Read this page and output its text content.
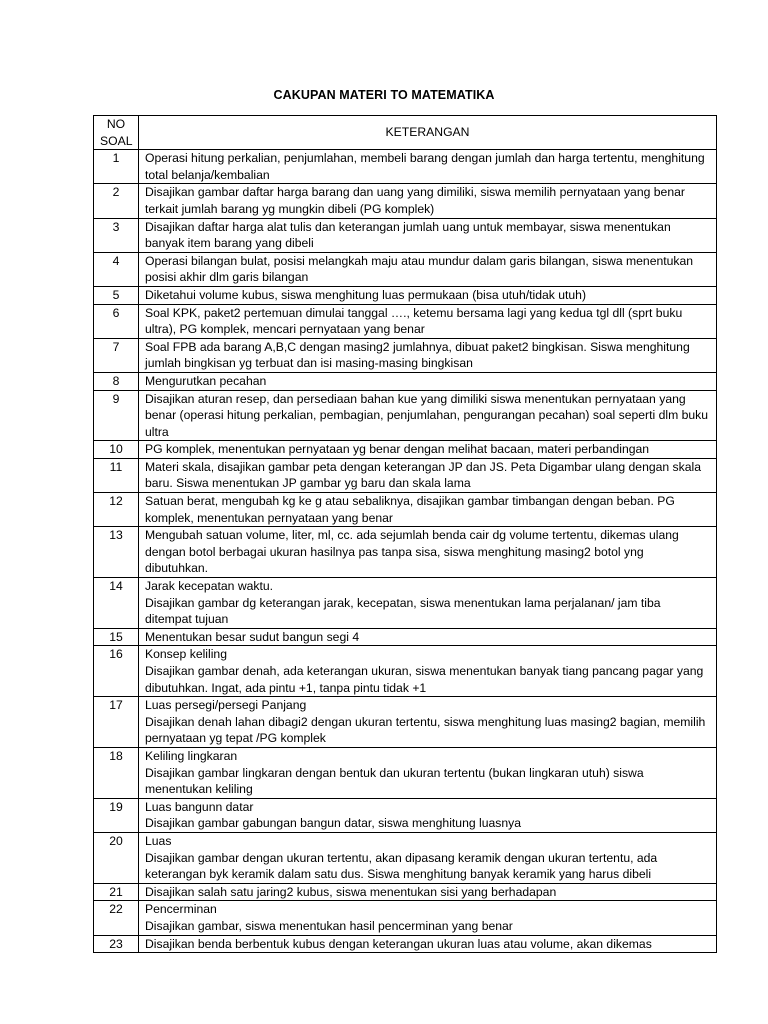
CAKUPAN MATERI TO MATEMATIKA
NO
SOAL	KETERANGAN
1	Operasi hitung perkalian, penjumlahan, membeli barang dengan jumlah dan harga tertentu, menghitung total belanja/kembalian
2	Disajikan gambar daftar harga barang dan uang yang dimiliki, siswa memilih pernyataan yang benar terkait jumlah barang yg mungkin dibeli (PG komplek)
3	Disajikan daftar harga alat tulis dan keterangan jumlah uang untuk membayar, siswa menentukan banyak item barang yang dibeli
4	Operasi bilangan bulat, posisi melangkah maju atau mundur dalam garis bilangan, siswa menentukan posisi akhir dlm garis bilangan
5	Diketahui volume kubus, siswa menghitung luas permukaan (bisa utuh/tidak utuh)
6	Soal KPK, paket2 pertemuan dimulai tanggal …., ketemu bersama lagi yang kedua tgl dll (sprt buku ultra), PG komplek, mencari pernyataan yang benar
7	Soal FPB ada barang A,B,C dengan masing2 jumlahnya, dibuat paket2 bingkisan. Siswa menghitung jumlah bingkisan yg terbuat dan isi masing-masing bingkisan
8	Mengurutkan pecahan
9	Disajikan aturan resep, dan persediaan bahan kue yang dimiliki siswa menentukan pernyataan yang benar (operasi hitung perkalian, pembagian, penjumlahan, pengurangan pecahan) soal seperti dlm buku ultra
10	PG komplek, menentukan pernyataan yg benar dengan melihat bacaan, materi perbandingan
11	Materi skala, disajikan gambar peta dengan keterangan JP dan JS. Peta Digambar ulang dengan skala baru. Siswa menentukan JP gambar yg baru dan skala lama
12	Satuan berat, mengubah kg ke g atau sebaliknya, disajikan gambar timbangan dengan beban. PG komplek, menentukan pernyataan yang benar
13	Mengubah satuan volume, liter, ml, cc. ada sejumlah benda cair dg volume tertentu, dikemas ulang dengan botol berbagai ukuran hasilnya pas tanpa sisa, siswa menghitung masing2 botol yng dibutuhkan.
14	Jarak kecepatan waktu.
Disajikan gambar dg keterangan jarak, kecepatan, siswa menentukan lama perjalanan/ jam tiba ditempat tujuan
15	Menentukan besar sudut bangun segi 4
16	Konsep keliling
Disajikan gambar denah, ada keterangan ukuran, siswa menentukan banyak tiang pancang pagar yang dibutuhkan. Ingat, ada pintu +1, tanpa pintu tidak +1
17	Luas persegi/persegi Panjang
Disajikan denah lahan dibagi2 dengan ukuran tertentu, siswa menghitung luas masing2 bagian, memilih pernyataan yg tepat /PG komplek
18	Keliling lingkaran
Disajikan gambar lingkaran dengan bentuk dan ukuran tertentu (bukan lingkaran utuh) siswa menentukan keliling
19	Luas bangunn datar
Disajikan gambar gabungan bangun datar, siswa menghitung luasnya
20	Luas
Disajikan gambar dengan ukuran tertentu, akan dipasang keramik dengan ukuran tertentu, ada keterangan byk keramik dalam satu dus. Siswa menghitung banyak keramik yang harus dibeli
21	Disajikan salah satu jaring2 kubus, siswa menentukan sisi yang berhadapan
22	Pencerminan
Disajikan gambar, siswa menentukan hasil pencerminan yang benar
23	Disajikan benda berbentuk kubus dengan keterangan ukuran luas atau volume, akan dikemas
